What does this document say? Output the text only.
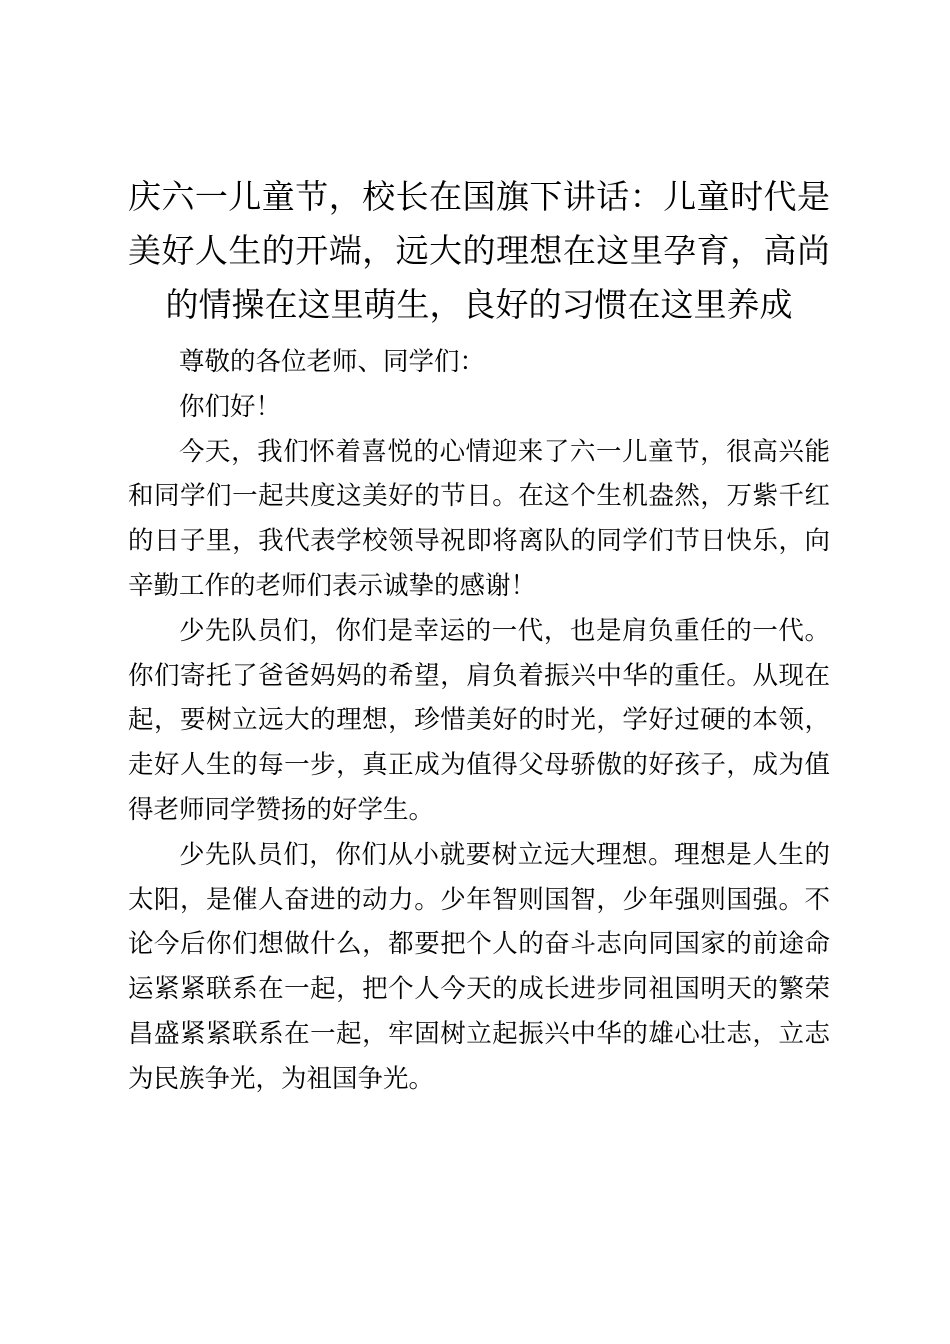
庆六一儿童节，校长在国旗下讲话：儿童时代是美好人生的开端，远大的理想在这里孕育，高尚的情操在这里萌生，良好的习惯在这里养成

尊敬的各位老师、同学们：

你们好！

今天，我们怀着喜悦的心情迎来了六一儿童节，很高兴能和同学们一起共度这美好的节日。在这个生机盎然，万紫千红的日子里，我代表学校领导祝即将离队的同学们节日快乐，向辛勤工作的老师们表示诚挚的感谢！

少先队员们，你们是幸运的一代，也是肩负重任的一代。你们寄托了爸爸妈妈的希望，肩负着振兴中华的重任。从现在起，要树立远大的理想，珍惜美好的时光，学好过硬的本领，走好人生的每一步，真正成为值得父母骄傲的好孩子，成为值得老师同学赞扬的好学生。

少先队员们，你们从小就要树立远大理想。理想是人生的太阳，是催人奋进的动力。少年智则国智，少年强则国强。不论今后你们想做什么，都要把个人的奋斗志向同国家的前途命运紧紧联系在一起，把个人今天的成长进步同祖国明天的繁荣昌盛紧紧联系在一起，牢固树立起振兴中华的雄心壮志，立志为民族争光，为祖国争光。
